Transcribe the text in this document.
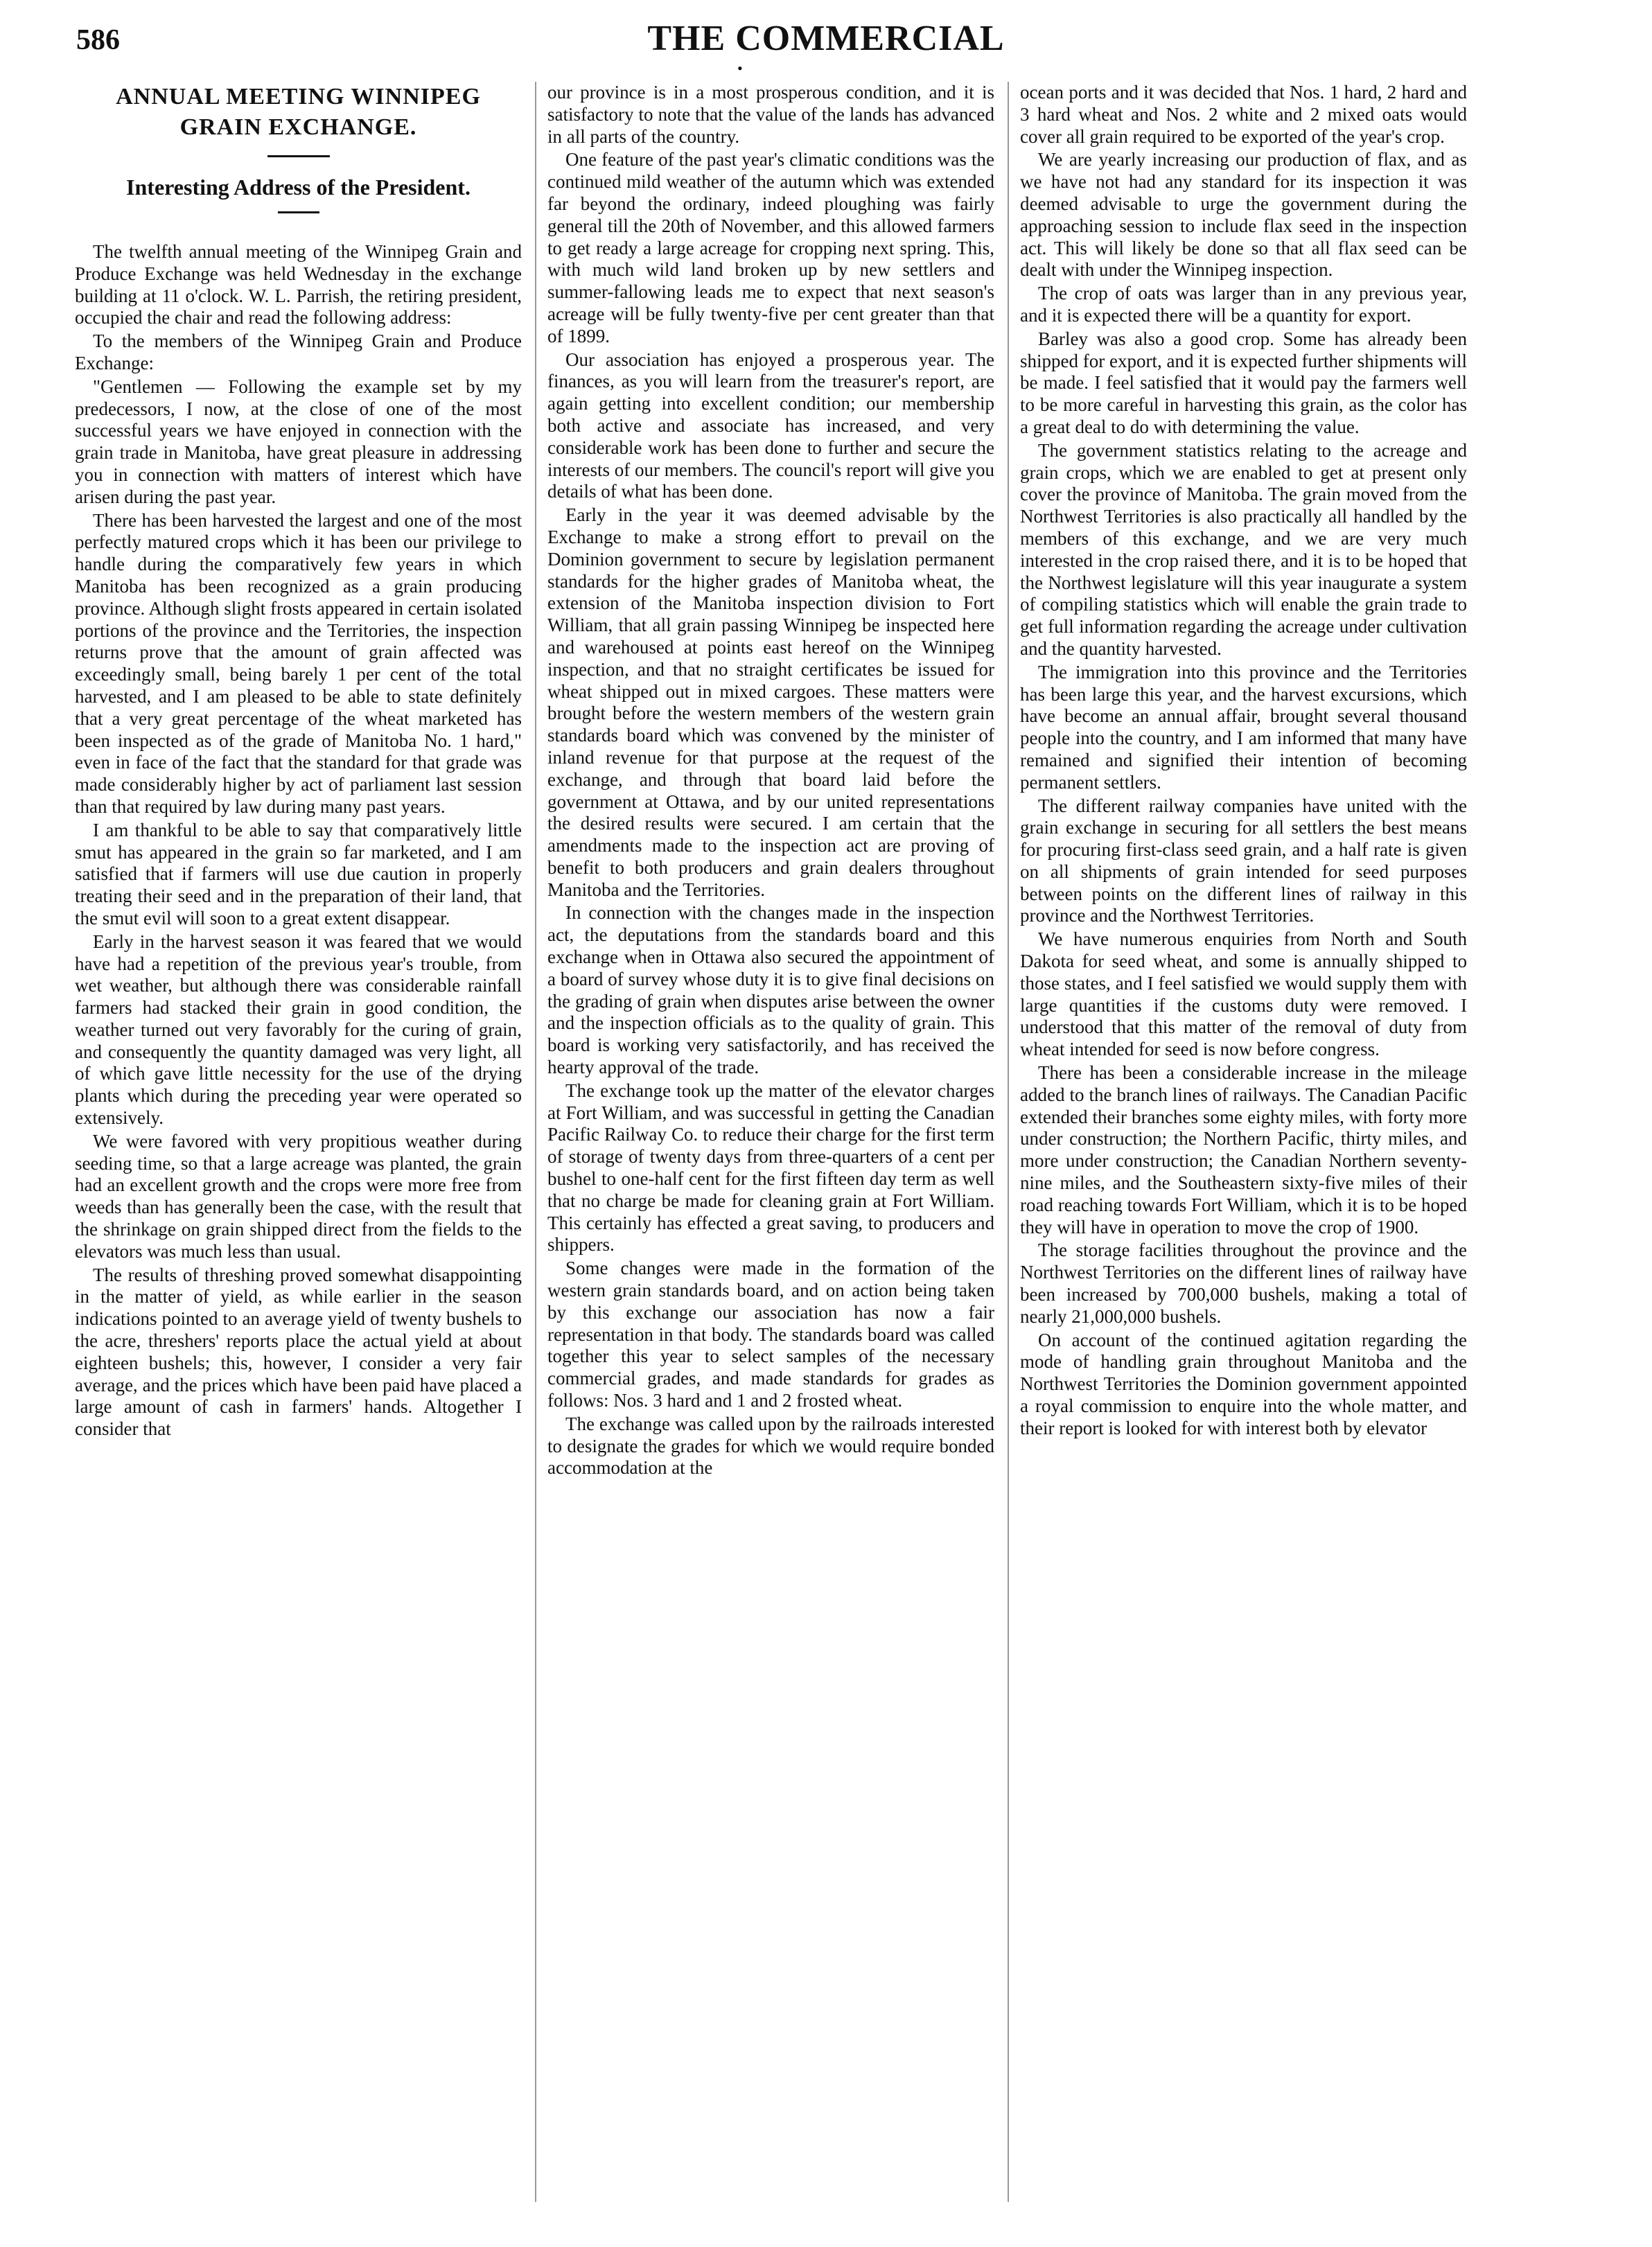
586	THE COMMERCIAL
•
ANNUAL MEETING WINNIPEG GRAIN EXCHANGE.
Interesting Address of the President.

The twelfth annual meeting of the Winnipeg Grain and Produce Exchange was held Wednesday in the exchange building at 11 o'clock. W. L. Parrish, the retiring president, occupied the chair and read the following address:

To the members of the Winnipeg Grain and Produce Exchange:

"Gentlemen — Following the example set by my predecessors, I now, at the close of one of the most successful years we have enjoyed in connection with the grain trade in Manitoba, have great pleasure in addressing you in connection with matters of interest which have arisen during the past year.

There has been harvested the largest and one of the most perfectly matured crops which it has been our privilege to handle during the comparatively few years in which Manitoba has been recognized as a grain producing province. Although slight frosts appeared in certain isolated portions of the province and the Territories, the inspection returns prove that the amount of grain affected was exceedingly small, being barely 1 per cent of the total harvested, and I am pleased to be able to state definitely that a very great percentage of the wheat marketed has been inspected as of the grade of Manitoba No. 1 hard," even in face of the fact that the standard for that grade was made considerably higher by act of parliament last session than that required by law during many past years.

I am thankful to be able to say that comparatively little smut has appeared in the grain so far marketed, and I am satisfied that if farmers will use due caution in properly treating their seed and in the preparation of their land, that the smut evil will soon to a great extent disappear.

Early in the harvest season it was feared that we would have had a repetition of the previous year's trouble, from wet weather, but although there was considerable rainfall farmers had stacked their grain in good condition, the weather turned out very favorably for the curing of grain, and consequently the quantity damaged was very light, all of which gave little necessity for the use of the drying plants which during the preceding year were operated so extensively.

We were favored with very propitious weather during seeding time, so that a large acreage was planted, the grain had an excellent growth and the crops were more free from weeds than has generally been the case, with the result that the shrinkage on grain shipped direct from the fields to the elevators was much less than usual.

The results of threshing proved somewhat disappointing in the matter of yield, as while earlier in the season indications pointed to an average yield of twenty bushels to the acre, threshers' reports place the actual yield at about eighteen bushels; this, however, I consider a very fair average, and the prices which have been paid have placed a large amount of cash in farmers' hands. Altogether I consider that

our province is in a most prosperous condition, and it is satisfactory to note that the value of the lands has advanced in all parts of the country.

One feature of the past year's climatic conditions was the continued mild weather of the autumn which was extended far beyond the ordinary, indeed ploughing was fairly general till the 20th of November, and this allowed farmers to get ready a large acreage for cropping next spring. This, with much wild land broken up by new settlers and summer-fallowing leads me to expect that next season's acreage will be fully twenty-five per cent greater than that of 1899.

Our association has enjoyed a prosperous year. The finances, as you will learn from the treasurer's report, are again getting into excellent condition; our membership both active and associate has increased, and very considerable work has been done to further and secure the interests of our members. The council's report will give you details of what has been done.

Early in the year it was deemed advisable by the Exchange to make a strong effort to prevail on the Dominion government to secure by legislation permanent standards for the higher grades of Manitoba wheat, the extension of the Manitoba inspection division to Fort William, that all grain passing Winnipeg be inspected here and warehoused at points east hereof on the Winnipeg inspection, and that no straight certificates be issued for wheat shipped out in mixed cargoes. These matters were brought before the western members of the western grain standards board which was convened by the minister of inland revenue for that purpose at the request of the exchange, and through that board laid before the government at Ottawa, and by our united representations the desired results were secured. I am certain that the amendments made to the inspection act are proving of benefit to both producers and grain dealers throughout Manitoba and the Territories.

In connection with the changes made in the inspection act, the deputations from the standards board and this exchange when in Ottawa also secured the appointment of a board of survey whose duty it is to give final decisions on the grading of grain when disputes arise between the owner and the inspection officials as to the quality of grain. This board is working very satisfactorily, and has received the hearty approval of the trade.

The exchange took up the matter of the elevator charges at Fort William, and was successful in getting the Canadian Pacific Railway Co. to reduce their charge for the first term of storage of twenty days from three-quarters of a cent per bushel to one-half cent for the first fifteen day term as well that no charge be made for cleaning grain at Fort William. This certainly has effected a great saving, to producers and shippers.

Some changes were made in the formation of the western grain standards board, and on action being taken by this exchange our association has now a fair representation in that body. The standards board was called together this year to select samples of the necessary commercial grades, and made standards for grades as follows: Nos. 3 hard and 1 and 2 frosted wheat.

The exchange was called upon by the railroads interested to designate the grades for which we would require bonded accommodation at the

ocean ports and it was decided that Nos. 1 hard, 2 hard and 3 hard wheat and Nos. 2 white and 2 mixed oats would cover all grain required to be exported of the year's crop.

We are yearly increasing our production of flax, and as we have not had any standard for its inspection it was deemed advisable to urge the government during the approaching session to include flax seed in the inspection act. This will likely be done so that all flax seed can be dealt with under the Winnipeg inspection.

The crop of oats was larger than in any previous year, and it is expected there will be a quantity for export.

Barley was also a good crop. Some has already been shipped for export, and it is expected further shipments will be made. I feel satisfied that it would pay the farmers well to be more careful in harvesting this grain, as the color has a great deal to do with determining the value.

The government statistics relating to the acreage and grain crops, which we are enabled to get at present only cover the province of Manitoba. The grain moved from the Northwest Territories is also practically all handled by the members of this exchange, and we are very much interested in the crop raised there, and it is to be hoped that the Northwest legislature will this year inaugurate a system of compiling statistics which will enable the grain trade to get full information regarding the acreage under cultivation and the quantity harvested.

The immigration into this province and the Territories has been large this year, and the harvest excursions, which have become an annual affair, brought several thousand people into the country, and I am informed that many have remained and signified their intention of becoming permanent settlers.

The different railway companies have united with the grain exchange in securing for all settlers the best means for procuring first-class seed grain, and a half rate is given on all shipments of grain intended for seed purposes between points on the different lines of railway in this province and the Northwest Territories.

We have numerous enquiries from North and South Dakota for seed wheat, and some is annually shipped to those states, and I feel satisfied we would supply them with large quantities if the customs duty were removed. I understood that this matter of the removal of duty from wheat intended for seed is now before congress.

There has been a considerable increase in the mileage added to the branch lines of railways. The Canadian Pacific extended their branches some eighty miles, with forty more under construction; the Northern Pacific, thirty miles, and more under construction; the Canadian Northern seventy-nine miles, and the Southeastern sixty-five miles of their road reaching towards Fort William, which it is to be hoped they will have in operation to move the crop of 1900.

The storage facilities throughout the province and the Northwest Territories on the different lines of railway have been increased by 700,000 bushels, making a total of nearly 21,000,000 bushels.

On account of the continued agitation regarding the mode of handling grain throughout Manitoba and the Northwest Territories the Dominion government appointed a royal commission to enquire into the whole matter, and their report is looked for with interest both by elevator
